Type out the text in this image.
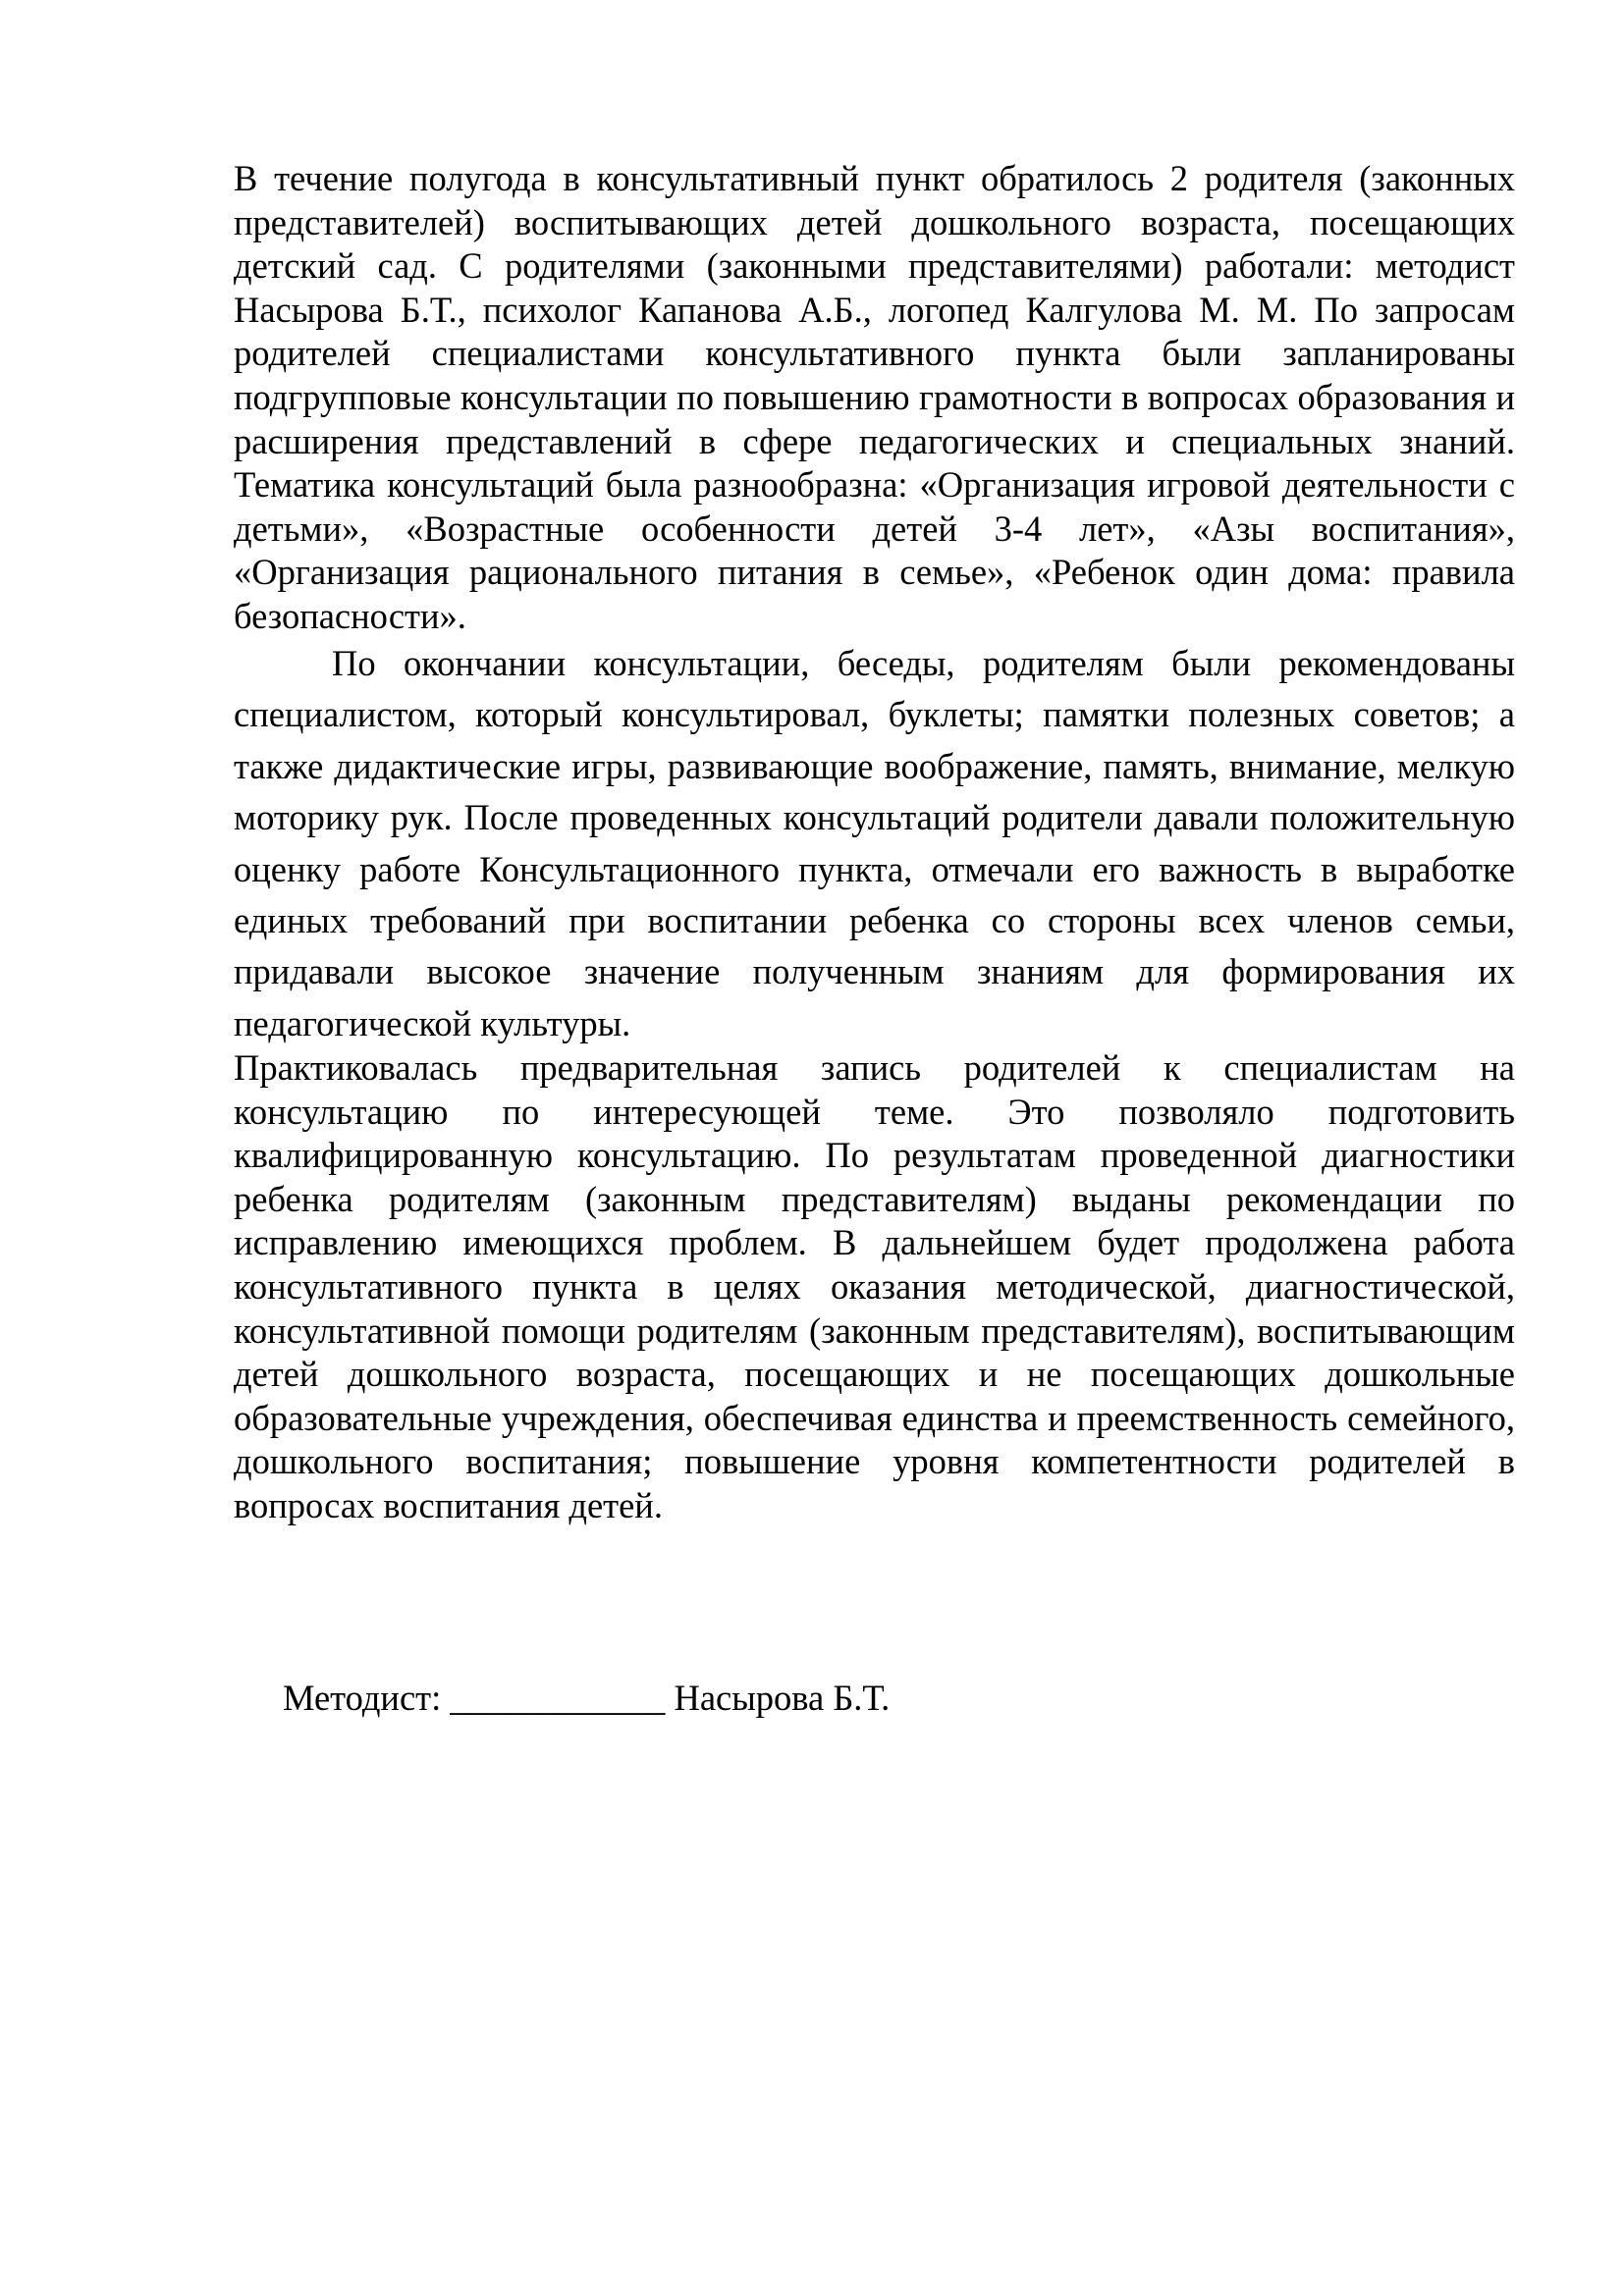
В течение полугода в консультативный пункт обратилось 2 родителя (законных представителей) воспитывающих детей дошкольного возраста, посещающих детский сад. С родителями (законными представителями) работали: методист Насырова Б.Т., психолог Капанова А.Б., логопед Калгулова М. М. По запросам родителей специалистами консультативного пункта были запланированы подгрупповые консультации по повышению грамотности в вопросах образования и расширения представлений в сфере педагогических и специальных знаний. Тематика консультаций была разнообразна: «Организация игровой деятельности с детьми», «Возрастные особенности детей 3-4 лет», «Азы воспитания», «Организация рационального питания в семье», «Ребенок один дома: правила безопасности».

По окончании консультации, беседы, родителям были рекомендованы специалистом, который консультировал, буклеты; памятки полезных советов; а также дидактические игры, развивающие воображение, память, внимание, мелкую моторику рук. После проведенных консультаций родители давали положительную оценку работе Консультационного пункта, отмечали его важность в выработке единых требований при воспитании ребенка со стороны всех членов семьи, придавали высокое значение полученным знаниям для формирования их педагогической культуры.

Практиковалась предварительная запись родителей к специалистам на консультацию по интересующей теме. Это позволяло подготовить квалифицированную консультацию. По результатам проведенной диагностики ребенка родителям (законным представителям) выданы рекомендации по исправлению имеющихся проблем. В дальнейшем будет продолжена работа консультативного пункта в целях оказания методической, диагностической, консультативной помощи родителям (законным представителям), воспитывающим детей дошкольного возраста, посещающих и не посещающих дошкольные образовательные учреждения, обеспечивая единства и преемственность семейного, дошкольного воспитания; повышение уровня компетентности родителей в вопросах воспитания детей.

Методист: ____________ Насырова Б.Т.
